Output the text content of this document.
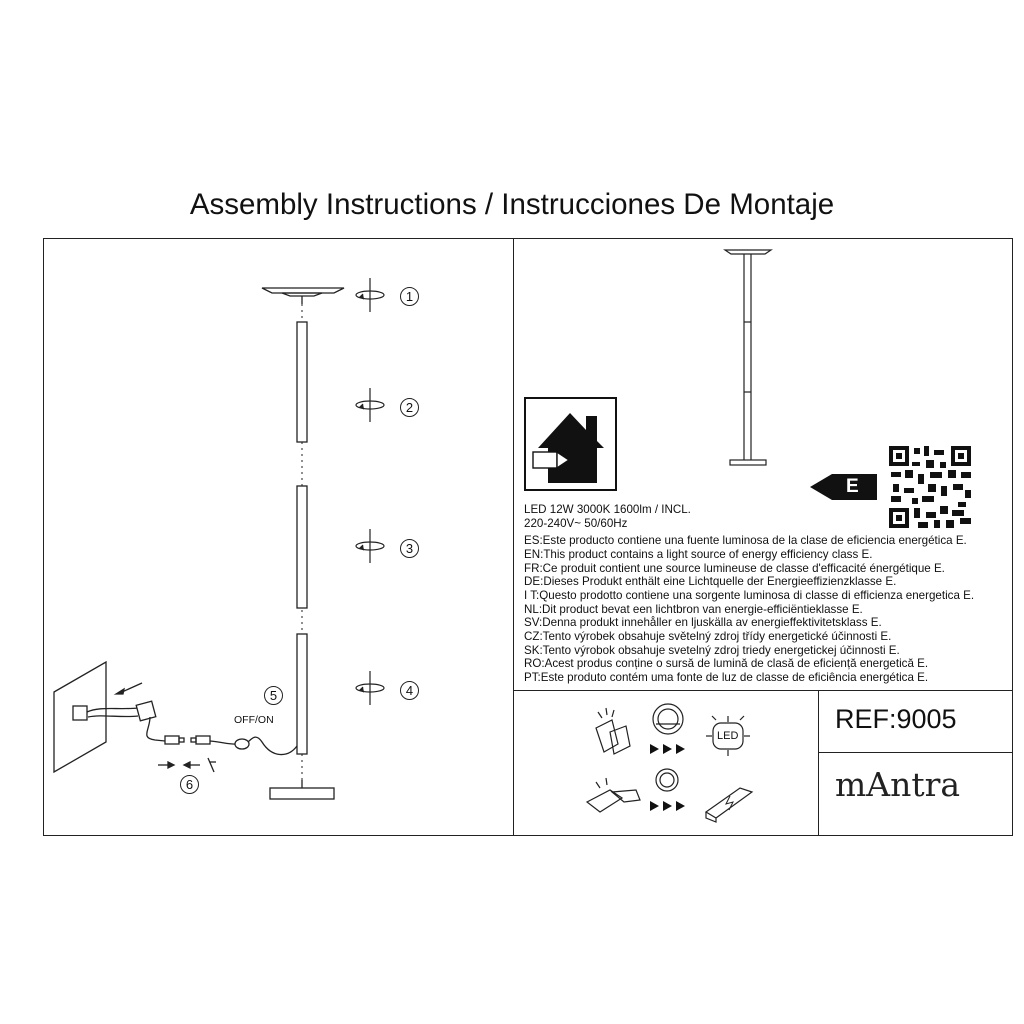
Assembly Instructions / Instrucciones De Montaje
1
2
3
4
5
6
OFF/ON
E
LED 12W 3000K 1600lm / INCL.
220-240V~ 50/60Hz
ES:Este producto contiene una fuente luminosa de la clase de eficiencia energética E.
EN:This product contains a light source of energy efficiency class E.
FR:Ce produit contient une source lumineuse de classe d'efficacité énergétique E.
DE:Dieses Produkt enthält eine Lichtquelle der Energieeffizienzklasse E.
I T:Questo prodotto contiene una sorgente luminosa di classe di efficienza energetica E.
NL:Dit product bevat een lichtbron van energie-efficiëntieklasse E.
SV:Denna produkt innehåller en ljuskälla av energieffektivitetsklass E.
CZ:Tento výrobek obsahuje světelný zdroj třídy energetické účinnosti E.
SK:Tento výrobok obsahuje svetelný zdroj triedy energetickej účinnosti E.
RO:Acest produs conține o sursă de lumină de clasă de eficiență energetică E.
PT:Este produto contém uma fonte de luz de classe de eficiência energética E.
LED
REF:9005
mAntra
